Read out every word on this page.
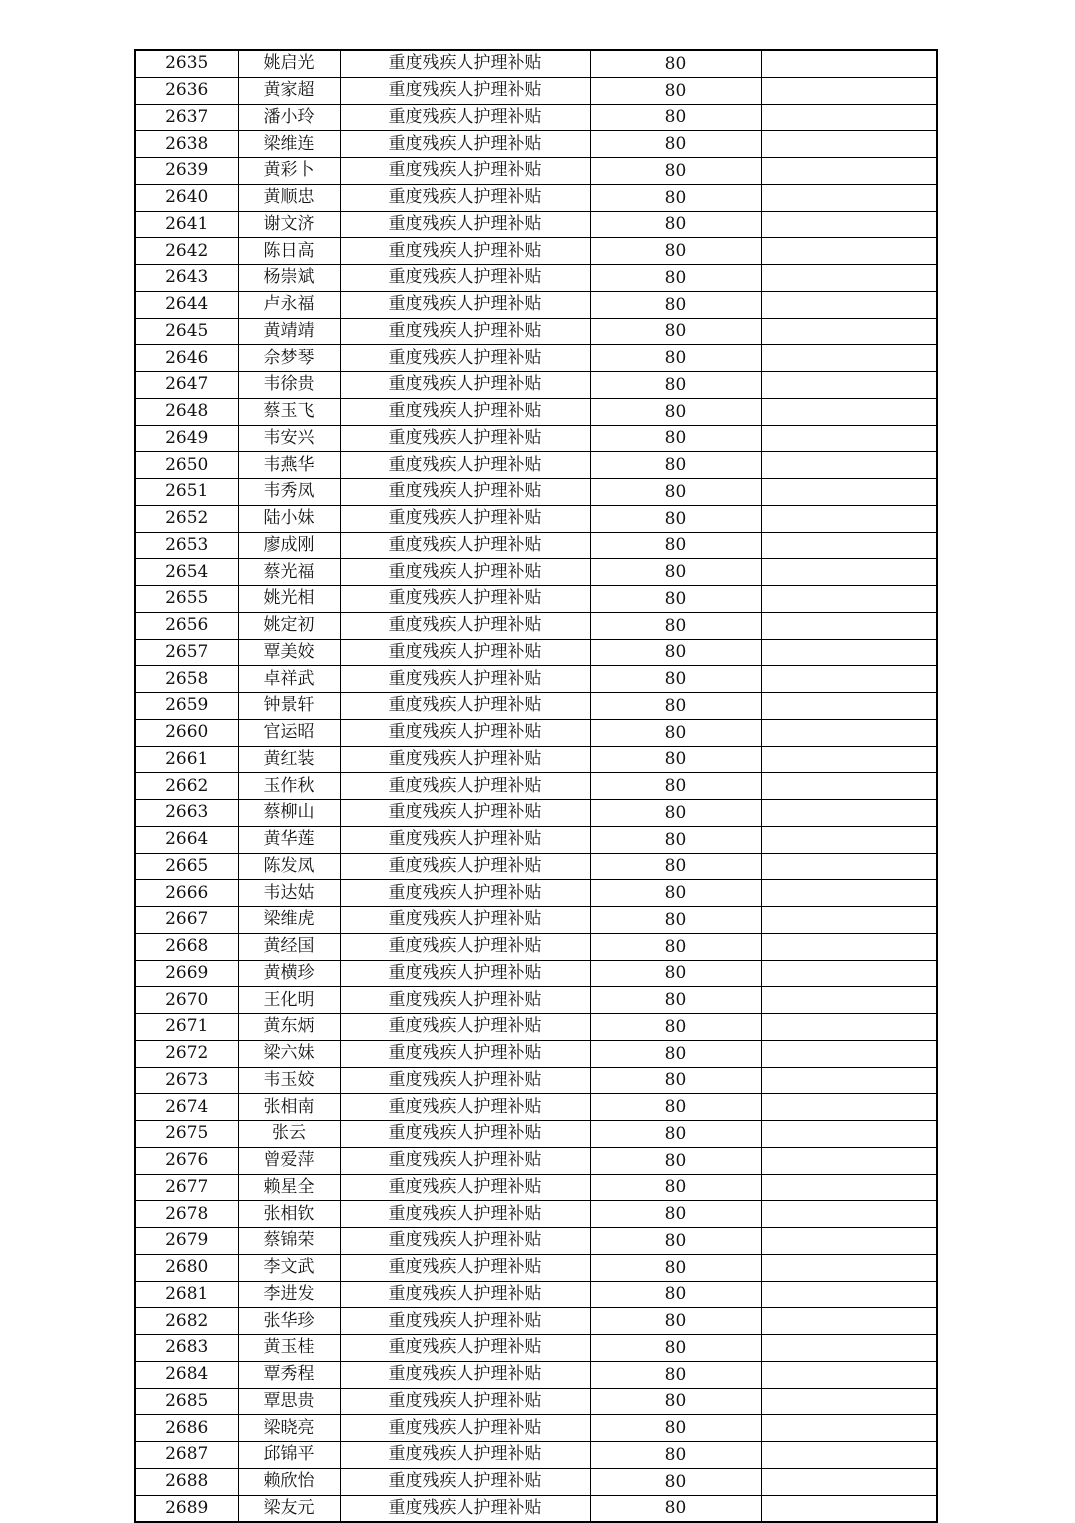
2635	姚启光	重度残疾人护理补贴	80	
2636	黄家超	重度残疾人护理补贴	80	
2637	潘小玲	重度残疾人护理补贴	80	
2638	梁维连	重度残疾人护理补贴	80	
2639	黄彩卜	重度残疾人护理补贴	80	
2640	黄顺忠	重度残疾人护理补贴	80	
2641	谢文济	重度残疾人护理补贴	80	
2642	陈日高	重度残疾人护理补贴	80	
2643	杨崇斌	重度残疾人护理补贴	80	
2644	卢永福	重度残疾人护理补贴	80	
2645	黄靖靖	重度残疾人护理补贴	80	
2646	佘梦琴	重度残疾人护理补贴	80	
2647	韦徐贵	重度残疾人护理补贴	80	
2648	蔡玉飞	重度残疾人护理补贴	80	
2649	韦安兴	重度残疾人护理补贴	80	
2650	韦燕华	重度残疾人护理补贴	80	
2651	韦秀凤	重度残疾人护理补贴	80	
2652	陆小妹	重度残疾人护理补贴	80	
2653	廖成刚	重度残疾人护理补贴	80	
2654	蔡光福	重度残疾人护理补贴	80	
2655	姚光相	重度残疾人护理补贴	80	
2656	姚定初	重度残疾人护理补贴	80	
2657	覃美姣	重度残疾人护理补贴	80	
2658	卓祥武	重度残疾人护理补贴	80	
2659	钟景轩	重度残疾人护理补贴	80	
2660	官运昭	重度残疾人护理补贴	80	
2661	黄红装	重度残疾人护理补贴	80	
2662	玉作秋	重度残疾人护理补贴	80	
2663	蔡柳山	重度残疾人护理补贴	80	
2664	黄华莲	重度残疾人护理补贴	80	
2665	陈发凤	重度残疾人护理补贴	80	
2666	韦达姑	重度残疾人护理补贴	80	
2667	梁维虎	重度残疾人护理补贴	80	
2668	黄经国	重度残疾人护理补贴	80	
2669	黄横珍	重度残疾人护理补贴	80	
2670	王化明	重度残疾人护理补贴	80	
2671	黄东炳	重度残疾人护理补贴	80	
2672	梁六妹	重度残疾人护理补贴	80	
2673	韦玉姣	重度残疾人护理补贴	80	
2674	张相南	重度残疾人护理补贴	80	
2675	张云	重度残疾人护理补贴	80	
2676	曾爱萍	重度残疾人护理补贴	80	
2677	赖星全	重度残疾人护理补贴	80	
2678	张相钦	重度残疾人护理补贴	80	
2679	蔡锦荣	重度残疾人护理补贴	80	
2680	李文武	重度残疾人护理补贴	80	
2681	李进发	重度残疾人护理补贴	80	
2682	张华珍	重度残疾人护理补贴	80	
2683	黄玉桂	重度残疾人护理补贴	80	
2684	覃秀程	重度残疾人护理补贴	80	
2685	覃思贵	重度残疾人护理补贴	80	
2686	梁晓亮	重度残疾人护理补贴	80	
2687	邱锦平	重度残疾人护理补贴	80	
2688	赖欣怡	重度残疾人护理补贴	80	
2689	梁友元	重度残疾人护理补贴	80	
